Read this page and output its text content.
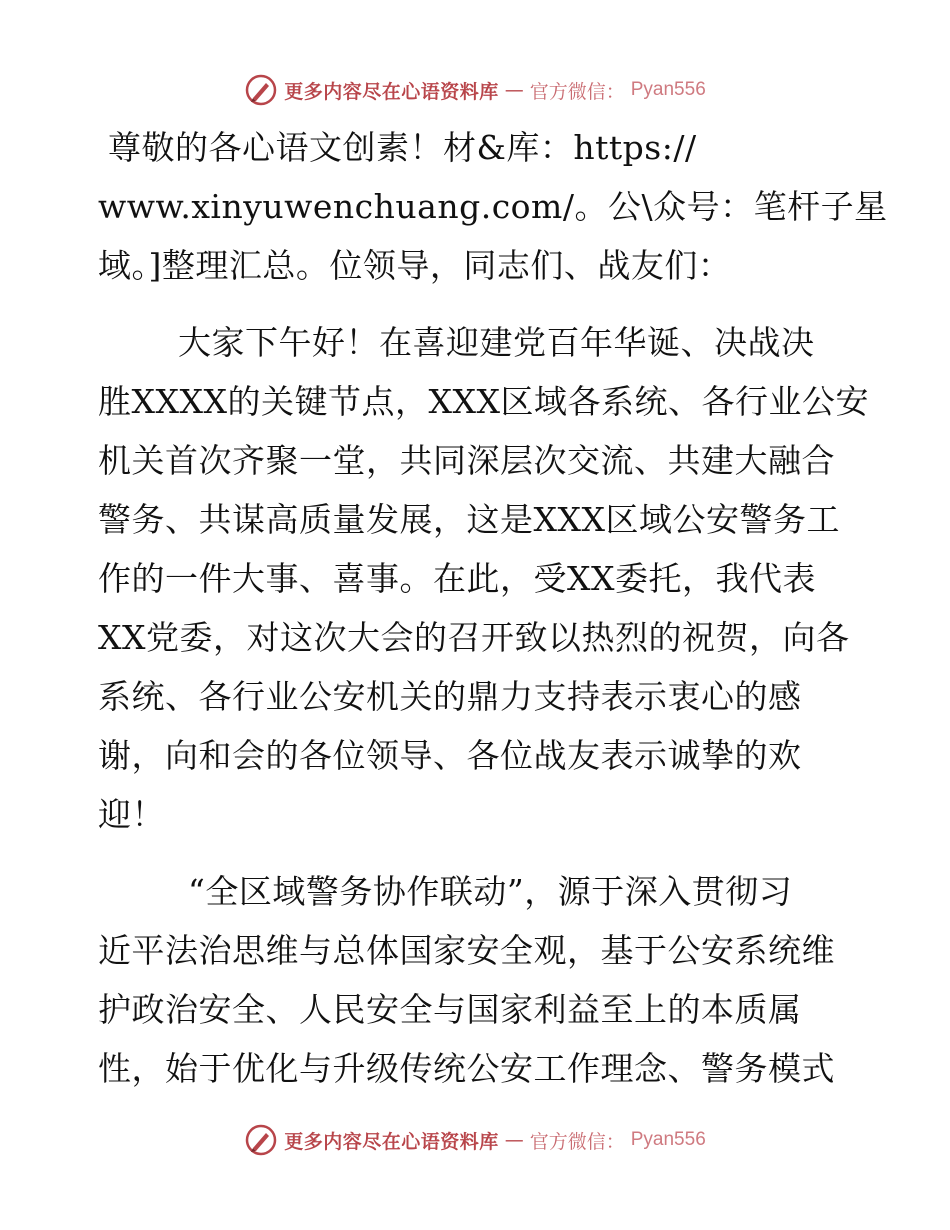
更多内容尽在心语资料库 — 官方微信： Pyan556
尊敬的各心语文创素！材&库：https://
www.xinyuwenchuang.com/。公\众号：笔杆子星
域。]整理汇总。位领导，同志们、战友们：
大家下午好！在喜迎建党百年华诞、决战决
胜XXXX的关键节点，XXX区域各系统、各行业公安
机关首次齐聚一堂，共同深层次交流、共建大融合
警务、共谋高质量发展，这是XXX区域公安警务工
作的一件大事、喜事。在此，受XX委托，我代表
XX党委，对这次大会的召开致以热烈的祝贺，向各
系统、各行业公安机关的鼎力支持表示衷心的感
谢，向和会的各位领导、各位战友表示诚挚的欢
迎！
“全区域警务协作联动”，源于深入贯彻习
近平法治思维与总体国家安全观，基于公安系统维
护政治安全、人民安全与国家利益至上的本质属
性，始于优化与升级传统公安工作理念、警务模式
更多内容尽在心语资料库 — 官方微信： Pyan556
